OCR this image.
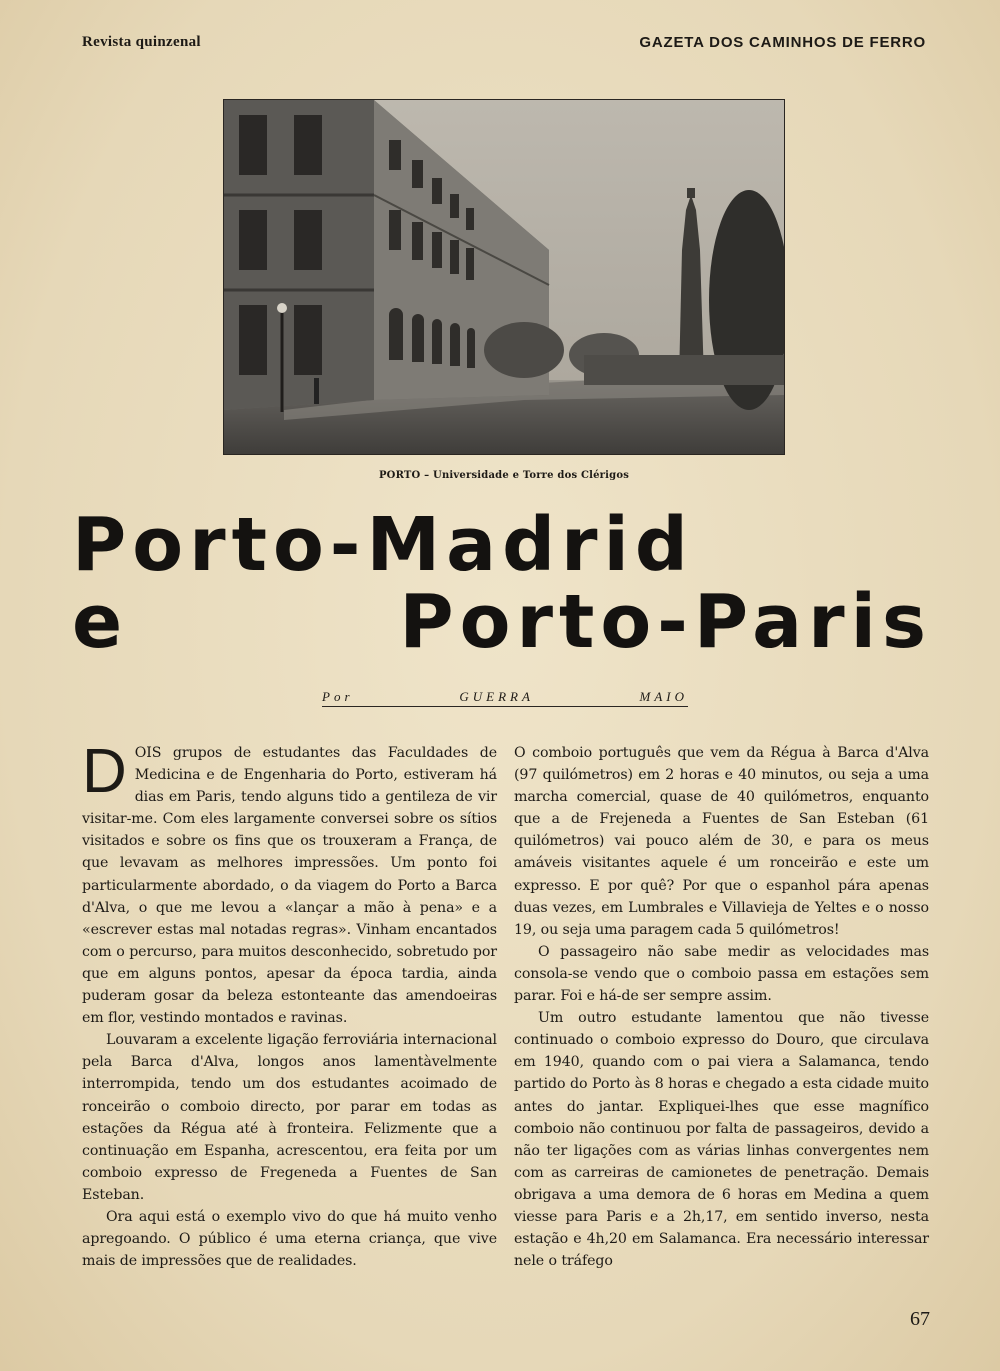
Revista quinzenal	GAZETA DOS CAMINHOS DE FERRO
PORTO – Universidade e Torre dos Clérigos
Porto-Madrid
e Porto-Paris
Por GUERRA MAIO

DOIS grupos de estudantes das Faculdades de Medicina e de Engenharia do Porto, estiveram há dias em Paris, tendo alguns tido a gentileza de vir visitar-me. Com eles largamente conversei sobre os sítios visitados e sobre os fins que os trouxeram a França, de que levavam as melhores impressões. Um ponto foi particularmente abordado, o da viagem do Porto a Barca d'Alva, o que me levou a «lançar a mão à pena» e a «escrever estas mal notadas regras». Vinham encantados com o percurso, para muitos desconhecido, sobretudo por que em alguns pontos, apesar da época tardia, ainda puderam gosar da beleza estonteante das amendoeiras em flor, vestindo montados e ravinas.

Louvaram a excelente ligação ferroviária internacional pela Barca d'Alva, longos anos lamentàvelmente interrompida, tendo um dos estudantes acoimado de ronceirão o comboio directo, por parar em todas as estações da Régua até à fronteira. Felizmente que a continuação em Espanha, acrescentou, era feita por um comboio expresso de Fregeneda a Fuentes de San Esteban.

Ora aqui está o exemplo vivo do que há muito venho apregoando. O público é uma eterna criança, que vive mais de impressões que de realidades.

O comboio português que vem da Régua à Barca d'Alva (97 quilómetros) em 2 horas e 40 minutos, ou seja a uma marcha comercial, quase de 40 quilómetros, enquanto que a de Frejeneda a Fuentes de San Esteban (61 quilómetros) vai pouco além de 30, e para os meus amáveis visitantes aquele é um ronceirão e este um expresso. E por quê? Por que o espanhol pára apenas duas vezes, em Lumbrales e Villavieja de Yeltes e o nosso 19, ou seja uma paragem cada 5 quilómetros!

O passageiro não sabe medir as velocidades mas consola-se vendo que o comboio passa em estações sem parar. Foi e há-de ser sempre assim.

Um outro estudante lamentou que não tivesse continuado o comboio expresso do Douro, que circulava em 1940, quando com o pai viera a Salamanca, tendo partido do Porto às 8 horas e chegado a esta cidade muito antes do jantar. Expliquei-lhes que esse magnífico comboio não continuou por falta de passageiros, devido a não ter ligações com as várias linhas convergentes nem com as carreiras de camionetes de penetração. Demais obrigava a uma demora de 6 horas em Medina a quem viesse para Paris e a 2h,17, em sentido inverso, nesta estação e 4h,20 em Salamanca. Era necessário interessar nele o tráfego

67
